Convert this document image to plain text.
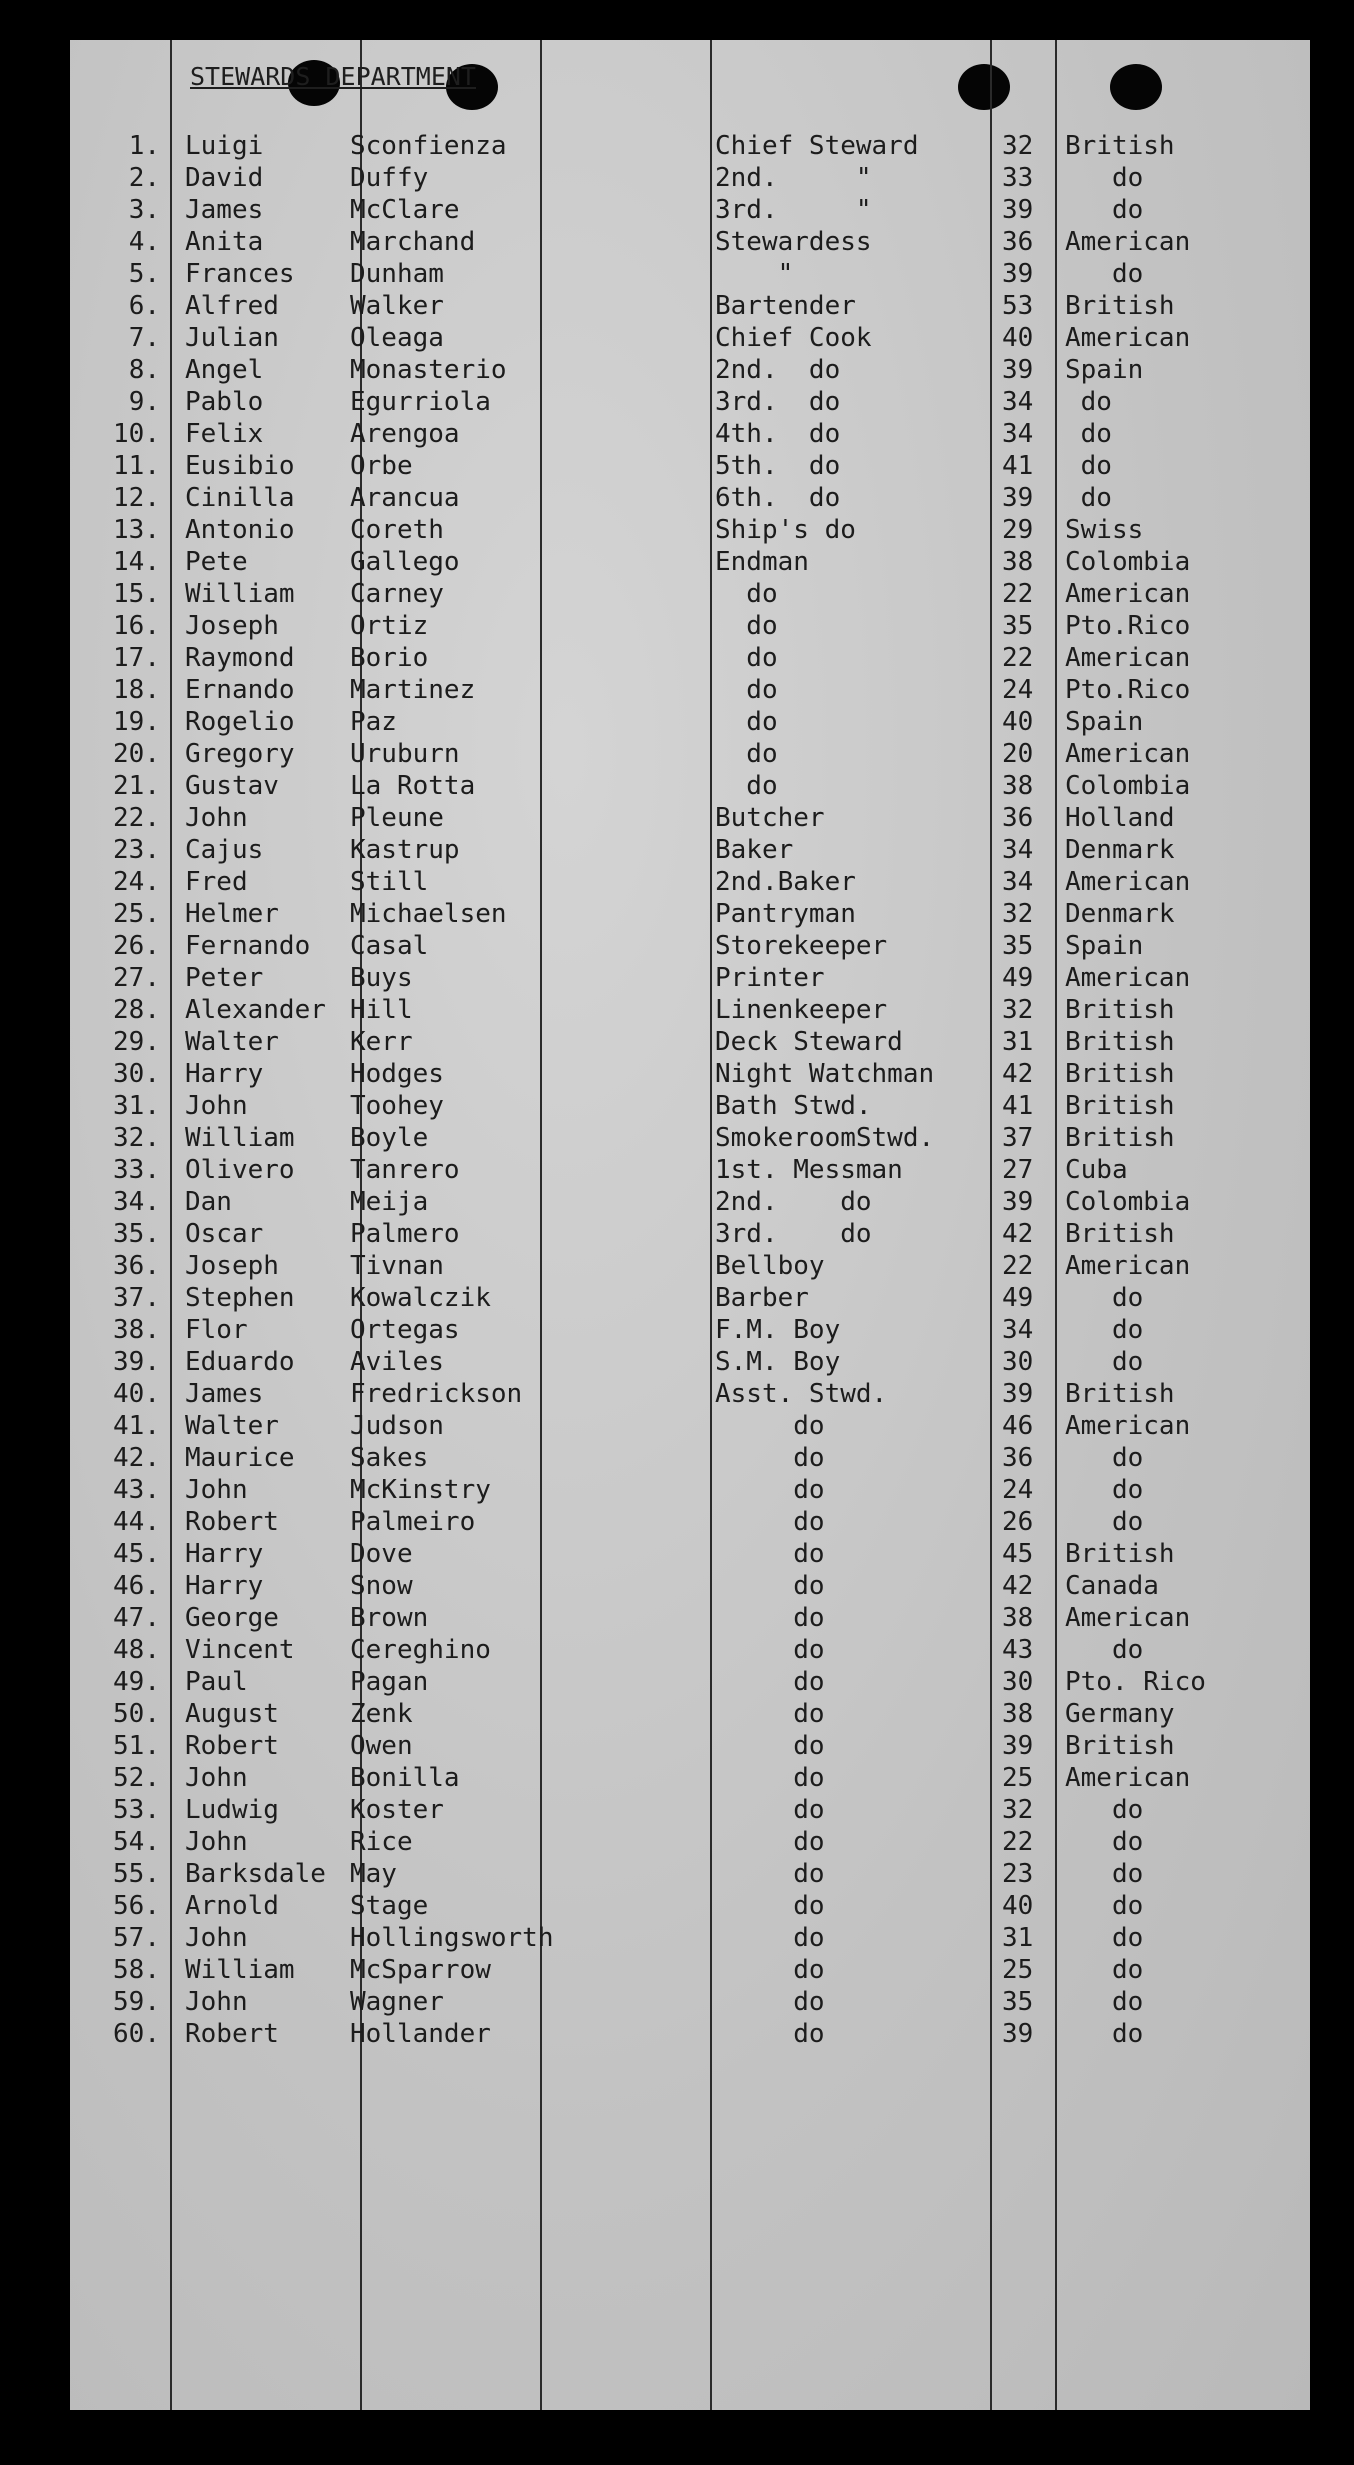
STEWARDS DEPARTMENT
1. Luigi	Sconfienza	Chief Steward	32 British
2. David	Duffy	2nd.     "	33 do
3. James	McClare	3rd.     "	39 do
4. Anita	Marchand	Stewardess	36 American
5. Frances Dunham	"	39 do
6. Alfred	Walker	Bartender	53 British
7. Julian	Oleaga	Chief Cook	40 American
8. Angel	Monasterio	2nd.  do	39 Spain
9. Pablo	Egurriola	3rd.  do	34 do
10. Felix	Arengoa	4th.  do	34 do
11. Eusibio Orbe	5th.  do	41 do
12. Cinilla Arancua	6th.  do	39 do
13. Antonio Coreth	Ship's do	29 Swiss
14. Pete	Gallego	Endman	38 Colombia
15. William Carney	do	22 American
16. Joseph	Ortiz	do	35 Pto.Rico
17. Raymond Borio	do	22 American
18. Ernando Martinez	do	24 Pto.Rico
19. Rogelio Paz	do	40 Spain
20. Gregory Uruburn	do	20 American
21. Gustav	La Rotta	do	38 Colombia
22. John	Pleune	Butcher	36 Holland
23. Cajus	Kastrup	Baker	34 Denmark
24. Fred	Still	2nd.Baker	34 American
25. Helmer	Michaelsen	Pantryman	32 Denmark
26. Fernando Casal	Storekeeper	35 Spain
27. Peter	Buys	Printer	49 American
28. Alexander Hill	Linenkeeper	32 British
29. Walter	Kerr	Deck Steward	31 British
30. Harry	Hodges	Night Watchman	42 British
31. John	Toohey	Bath Stwd.	41 British
32. William Boyle	SmokeroomStwd.	37 British
33. Olivero Tanrero	1st. Messman	27 Cuba
34. Dan	Meija	2nd.    do	39 Colombia
35. Oscar	Palmero	3rd.    do	42 British
36. Joseph	Tivnan	Bellboy	22 American
37. Stephen Kowalczik	Barber	49 do
38. Flor	Ortegas	F.M. Boy	34 do
39. Eduardo Aviles	S.M. Boy	30 do
40. James	Fredrickson	Asst. Stwd.	39 British
41. Walter	Judson	do	46 American
42. Maurice Sakes	do	36 do
43. John	McKinstry	do	24 do
44. Robert	Palmeiro	do	26 do
45. Harry	Dove	do	45 British
46. Harry	Snow	do	42 Canada
47. George	Brown	do	38 American
48. Vincent Cereghino	do	43 do
49. Paul	Pagan	do	30 Pto. Rico
50. August	Zenk	do	38 Germany
51. Robert	Owen	do	39 British
52. John	Bonilla	do	25 American
53. Ludwig	Koster	do	32 do
54. John	Rice	do	22 do
55. Barksdale May	do	23 do
56. Arnold	Stage	do	40 do
57. John	Hollingsworth	do	31 do
58. William McSparrow	do	25 do
59. John	Wagner	do	35 do
60. Robert	Hollander	do	39 do
